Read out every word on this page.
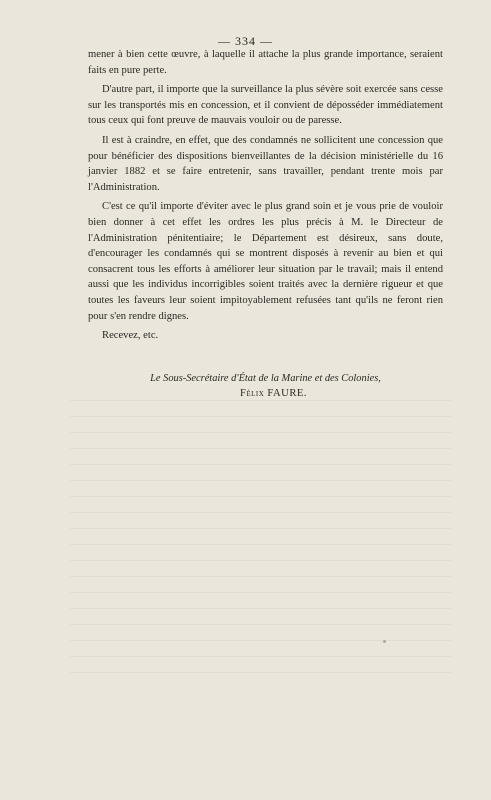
— 334 —

mener à bien cette œuvre, à laquelle il attache la plus grande importance, seraient faits en pure perte.

D'autre part, il importe que la surveillance la plus sévère soit exercée sans cesse sur les transportés mis en concession, et il convient de déposséder immédiatement tous ceux qui font preuve de mauvais vouloir ou de paresse.

Il est à craindre, en effet, que des condamnés ne sollicitent une concession que pour bénéficier des dispositions bienveillantes de la décision ministérielle du 16 janvier 1882 et se faire entretenir, sans travailler, pendant trente mois par l'Administration.

C'est ce qu'il importe d'éviter avec le plus grand soin et je vous prie de vouloir bien donner à cet effet les ordres les plus précis à M. le Directeur de l'Administration pénitentiaire; le Département est désireux, sans doute, d'encourager les condamnés qui se montrent disposés à revenir au bien et qui consacrent tous les efforts à améliorer leur situation par le travail; mais il entend aussi que les individus incorrigibles soient traités avec la dernière rigueur et que toutes les faveurs leur soient impitoyablement refusées tant qu'ils ne feront rien pour s'en rendre dignes.

Recevez, etc.

Le Sous-Secrétaire d'État de la Marine et des Colonies,
Félix FAURE.
